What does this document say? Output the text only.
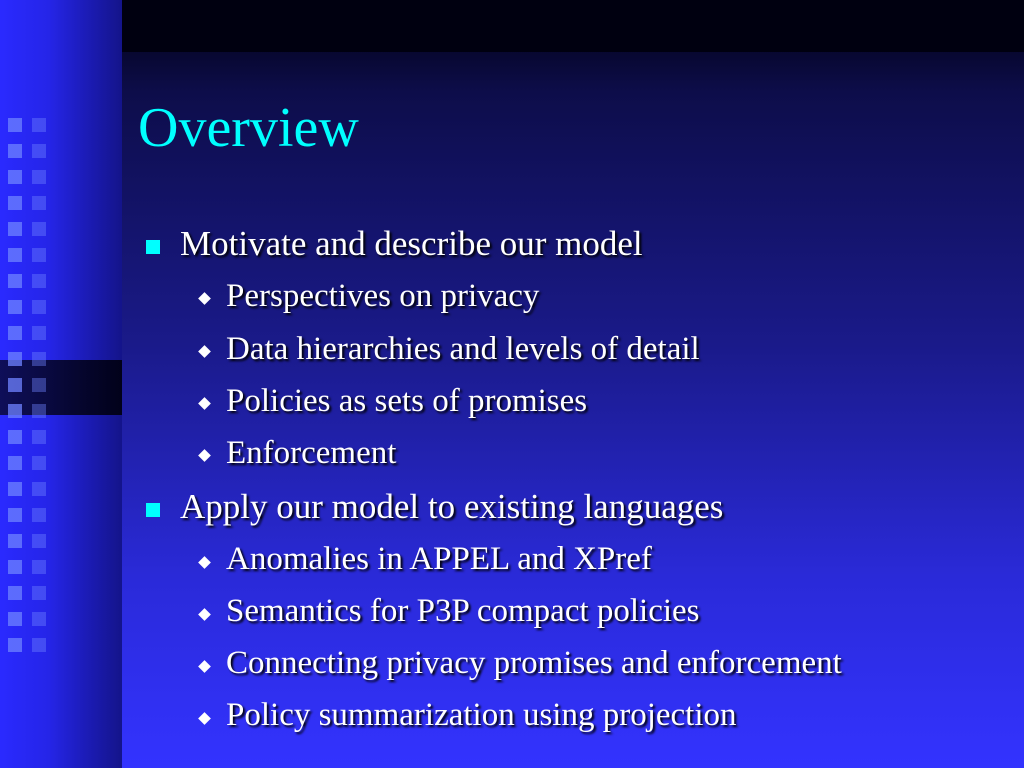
Overview
Motivate and describe our model
Perspectives on privacy
Data hierarchies and levels of detail
Policies as sets of promises
Enforcement
Apply our model to existing languages
Anomalies in APPEL and XPref
Semantics for P3P compact policies
Connecting privacy promises and enforcement
Policy summarization using projection
